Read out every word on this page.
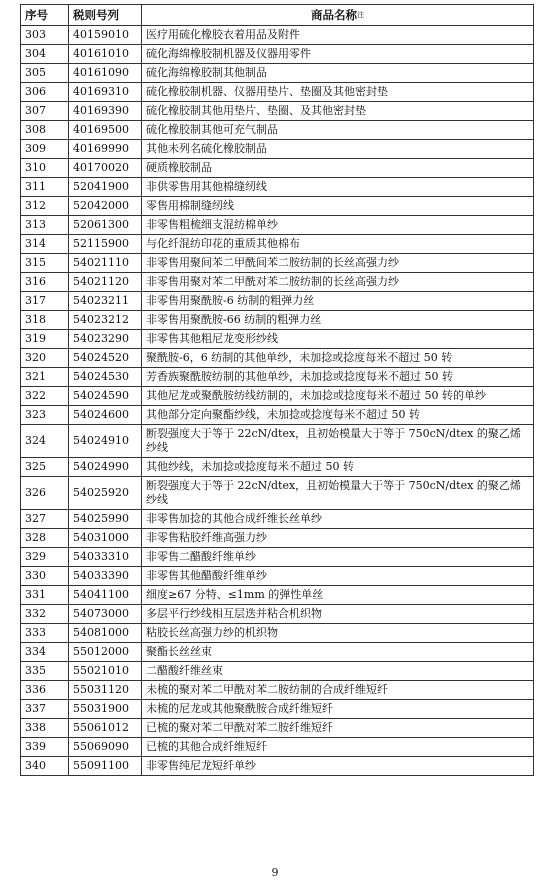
序号	税则号列	商品名称$^注$
303	40159010	医疗用硫化橡胶衣着用品及附件
304	40161010	硫化海绵橡胶制机器及仪器用零件
305	40161090	硫化海绵橡胶制其他制品
306	40169310	硫化橡胶制机器、仪器用垫片、垫圈及其他密封垫
307	40169390	硫化橡胶制其他用垫片、垫圈、及其他密封垫
308	40169500	硫化橡胶制其他可充气制品
309	40169990	其他未列名硫化橡胶制品
310	40170020	硬质橡胶制品
311	52041900	非供零售用其他棉缝纫线
312	52042000	零售用棉制缝纫线
313	52061300	非零售粗梳细支混纺棉单纱
314	52115900	与化纤混纺印花的重质其他棉布
315	54021110	非零售用聚间苯二甲酰间苯二胺纺制的长丝高强力纱
316	54021120	非零售用聚对苯二甲酰对苯二胺纺制的长丝高强力纱
317	54023211	非零售用聚酰胺-6 纺制的粗弹力丝
318	54023212	非零售用聚酰胺-66 纺制的粗弹力丝
319	54023290	非零售其他粗尼龙变形纱线
320	54024520	聚酰胺-6，6 纺制的其他单纱，未加捻或捻度每米不超过 50 转
321	54024530	芳香族聚酰胺纺制的其他单纱，未加捻或捻度每米不超过 50 转
322	54024590	其他尼龙或聚酰胺纺线纺制的，未加捻或捻度每米不超过 50 转的单纱
323	54024600	其他部分定向聚酯纱线，未加捻或捻度每米不超过 50 转
324	54024910	断裂强度大于等于 22cN/dtex，且初始模量大于等于 750cN/dtex 的聚乙烯纱线
325	54024990	其他纱线，未加捻或捻度每米不超过 50 转
326	54025920	断裂强度大于等于 22cN/dtex，且初始模量大于等于 750cN/dtex 的聚乙烯纱线
327	54025990	非零售加捻的其他合成纤维长丝单纱
328	54031000	非零售粘胶纤维高强力纱
329	54033310	非零售二醋酸纤维单纱
330	54033390	非零售其他醋酸纤维单纱
331	54041100	细度≥67 分特、≤1mm 的弹性单丝
332	54073000	多层平行纱线相互层迭并粘合机织物
333	54081000	粘胶长丝高强力纱的机织物
334	55012000	聚酯长丝丝束
335	55021010	二醋酸纤维丝束
336	55031120	未梳的聚对苯二甲酰对苯二胺纺制的合成纤维短纤
337	55031900	未梳的尼龙或其他聚酰胺合成纤维短纤
338	55061012	已梳的聚对苯二甲酰对苯二胺纤维短纤
339	55069090	已梳的其他合成纤维短纤
340	55091100	非零售纯尼龙短纤单纱
9
